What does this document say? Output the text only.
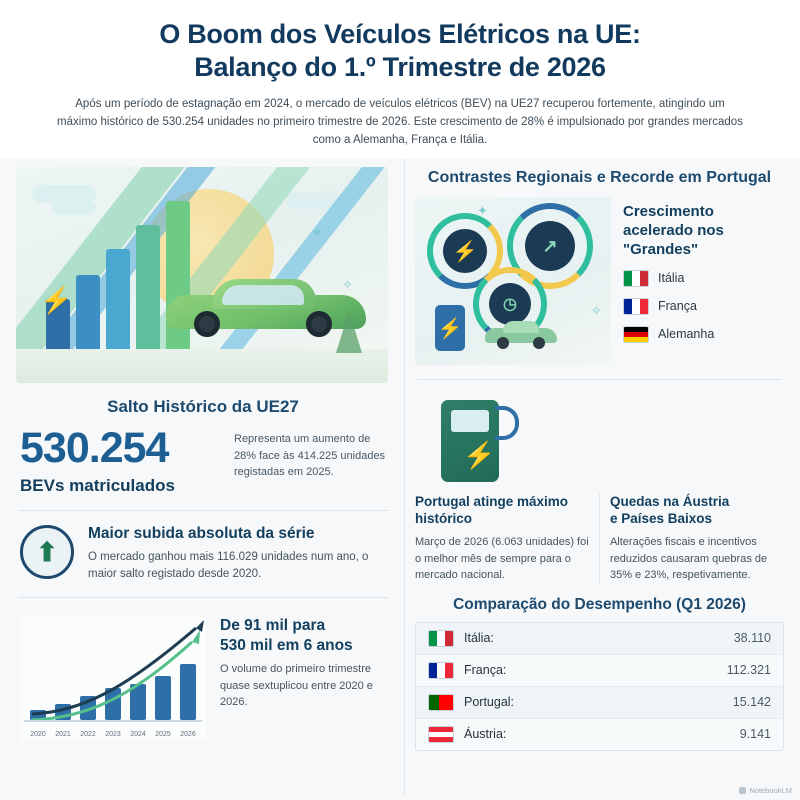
O Boom dos Veículos Elétricos na UE:
Balanço do 1.º Trimestre de 2026
Após um período de estagnação em 2024, o mercado de veículos elétricos (BEV) na UE27 recuperou fortemente, atingindo um máximo histórico de 530.254 unidades no primeiro trimestre de 2026. Este crescimento de 28% é impulsionado por grandes mercados como a Alemanha, França e Itália.
⚡
✦
✧
Salto Histórico da UE27
530.254
BEVs matriculados
Representa um aumento de 28% face às 414.225 unidades registadas em 2025.
⬆
Maior subida absoluta da série
O mercado ganhou mais 116.029 unidades num ano, o maior salto registado desde 2020.
2020	2021	2022	2023	2024	2025	2026
De 91 mil para
530 mil em 6 anos
O volume do primeiro trimestre quase sextuplicou entre 2020 e 2026.
Contrastes Regionais e Recorde em Portugal
⚡	↗
◷
⚡
✦
✧
Crescimento acelerado nos "Grandes"
Itália
França
Alemanha
⚡
Portugal atinge máximo histórico
Março de 2026 (6.063 unidades) foi o melhor mês de sempre para o mercado nacional.
Quedas na Áustria
e Países Baixos
Alterações fiscais e incentivos reduzidos causaram quebras de 35% e 23%, respetivamente.
Comparação do Desempenho (Q1 2026)
Itália:	38.110
França:	112.321
Portugal:	15.142
Áustria:	9.141
NotebookLM
